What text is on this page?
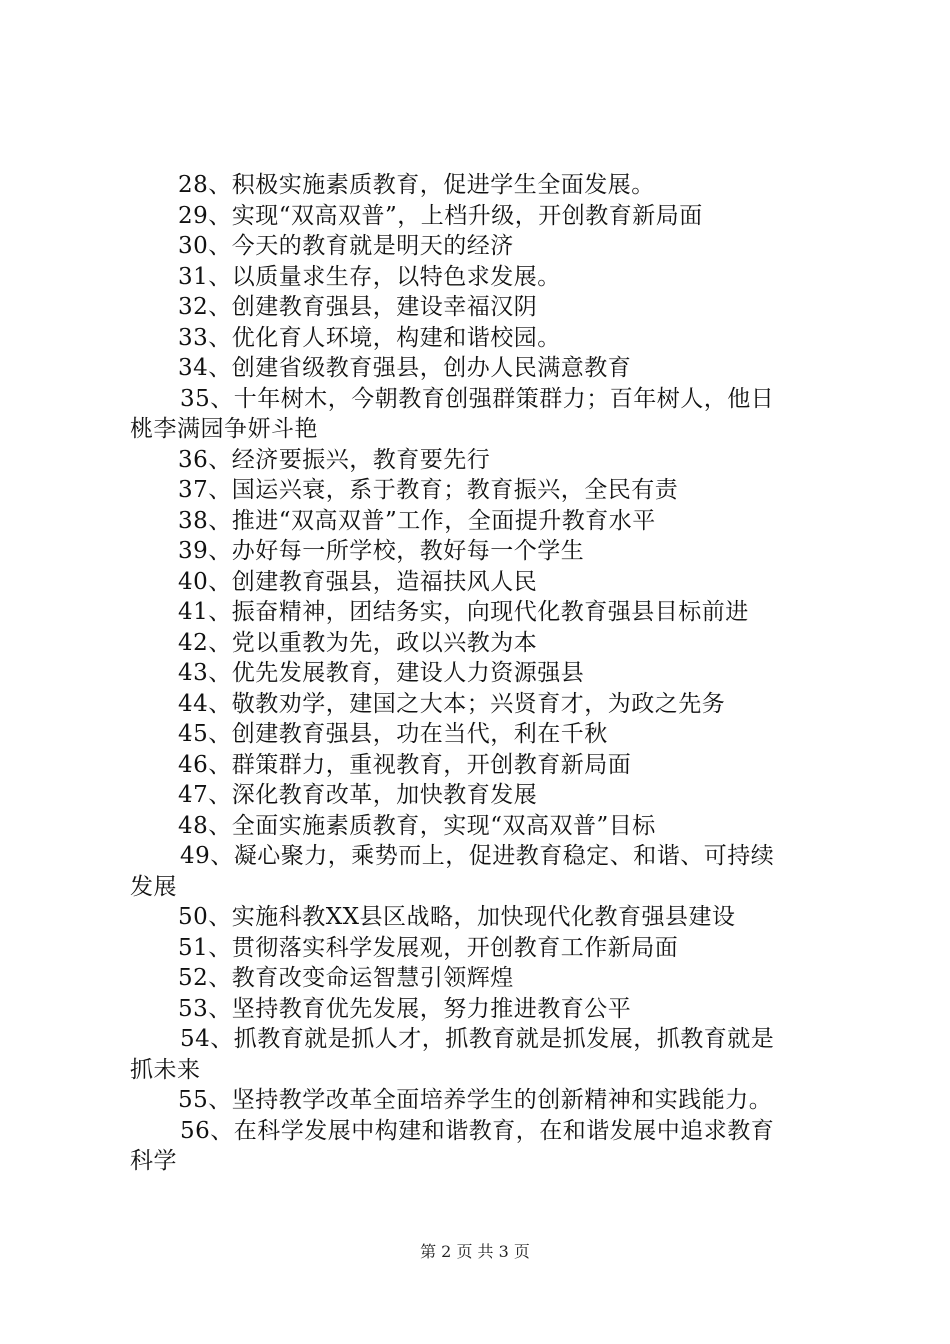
28、积极实施素质教育，促进学生全面发展。
29、实现“双高双普”，上档升级，开创教育新局面
30、今天的教育就是明天的经济
31、以质量求生存，以特色求发展。
32、创建教育强县，建设幸福汉阴
33、优化育人环境，构建和谐校园。
34、创建省级教育强县，创办人民满意教育
35、十年树木，今朝教育创强群策群力；百年树人，他日
桃李满园争妍斗艳
36、经济要振兴，教育要先行
37、国运兴衰，系于教育；教育振兴，全民有责
38、推进“双高双普”工作，全面提升教育水平
39、办好每一所学校，教好每一个学生
40、创建教育强县，造福扶风人民
41、振奋精神，团结务实，向现代化教育强县目标前进
42、党以重教为先，政以兴教为本
43、优先发展教育，建设人力资源强县
44、敬教劝学，建国之大本；兴贤育才，为政之先务
45、创建教育强县，功在当代，利在千秋
46、群策群力，重视教育，开创教育新局面
47、深化教育改革，加快教育发展
48、全面实施素质教育，实现“双高双普”目标
49、凝心聚力，乘势而上，促进教育稳定、和谐、可持续
发展
50、实施科教XX县区战略，加快现代化教育强县建设
51、贯彻落实科学发展观，开创教育工作新局面
52、教育改变命运智慧引领辉煌
53、坚持教育优先发展，努力推进教育公平
54、抓教育就是抓人才，抓教育就是抓发展，抓教育就是
抓未来
55、坚持教学改革全面培养学生的创新精神和实践能力。
56、在科学发展中构建和谐教育，在和谐发展中追求教育
科学
第 2 页 共 3 页
